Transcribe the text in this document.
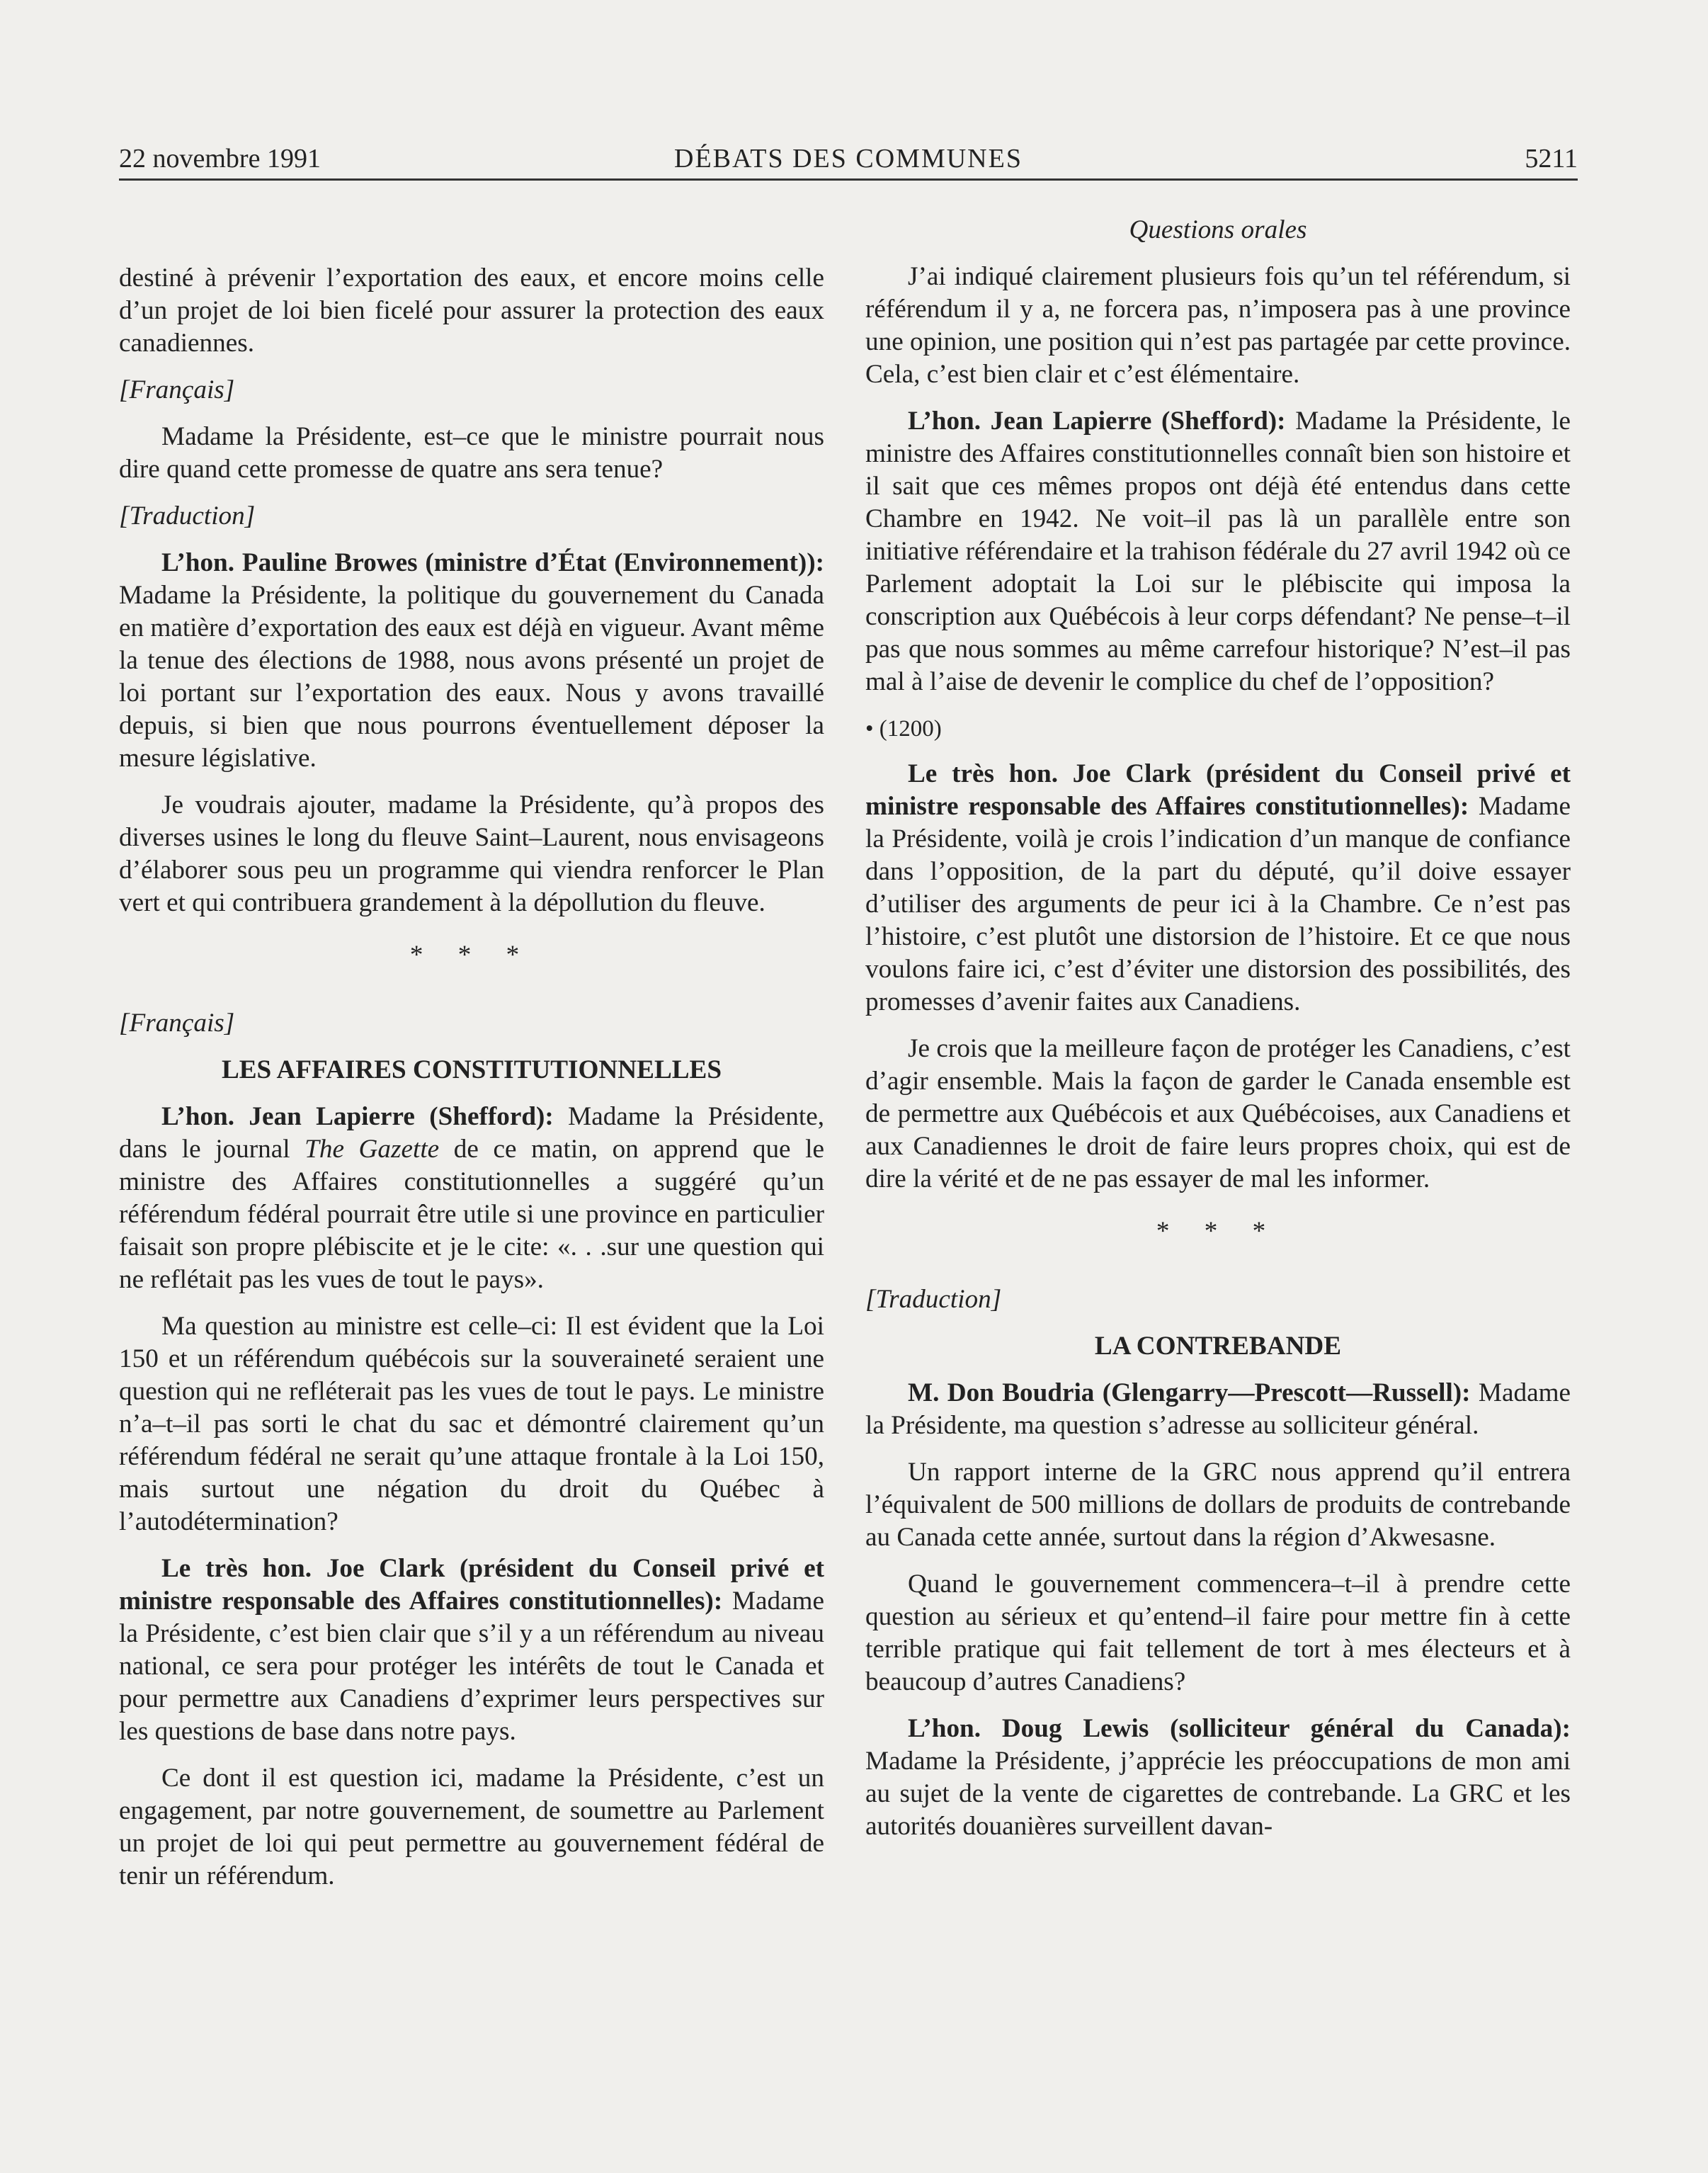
22 novembre 1991	DÉBATS DES COMMUNES	5211

destiné à prévenir l’exportation des eaux, et encore moins celle d’un projet de loi bien ficelé pour assurer la protection des eaux canadiennes.

[Français]

Madame la Présidente, est–ce que le ministre pourrait nous dire quand cette promesse de quatre ans sera tenue?

[Traduction]

L’hon. Pauline Browes (ministre d’État (Environnement)): Madame la Présidente, la politique du gouvernement du Canada en matière d’exportation des eaux est déjà en vigueur. Avant même la tenue des élections de 1988, nous avons présenté un projet de loi portant sur l’exportation des eaux. Nous y avons travaillé depuis, si bien que nous pourrons éventuellement déposer la mesure législative.

Je voudrais ajouter, madame la Présidente, qu’à propos des diverses usines le long du fleuve Saint–Laurent, nous envisageons d’élaborer sous peu un programme qui viendra renforcer le Plan vert et qui contribuera grandement à la dépollution du fleuve.

* * *

[Français]

LES AFFAIRES CONSTITUTIONNELLES

L’hon. Jean Lapierre (Shefford): Madame la Présidente, dans le journal The Gazette de ce matin, on apprend que le ministre des Affaires constitutionnelles a suggéré qu’un référendum fédéral pourrait être utile si une province en particulier faisait son propre plébiscite et je le cite: «. . .sur une question qui ne reflétait pas les vues de tout le pays».

Ma question au ministre est celle–ci: Il est évident que la Loi 150 et un référendum québécois sur la souveraineté seraient une question qui ne refléterait pas les vues de tout le pays. Le ministre n’a–t–il pas sorti le chat du sac et démontré clairement qu’un référendum fédéral ne serait qu’une attaque frontale à la Loi 150, mais surtout une négation du droit du Québec à l’autodétermination?

Le très hon. Joe Clark (président du Conseil privé et ministre responsable des Affaires constitutionnelles): Madame la Présidente, c’est bien clair que s’il y a un référendum au niveau national, ce sera pour protéger les intérêts de tout le Canada et pour permettre aux Canadiens d’exprimer leurs perspectives sur les questions de base dans notre pays.

Ce dont il est question ici, madame la Présidente, c’est un engagement, par notre gouvernement, de soumettre au Parlement un projet de loi qui peut permettre au gouvernement fédéral de tenir un référendum.

Questions orales

J’ai indiqué clairement plusieurs fois qu’un tel référendum, si référendum il y a, ne forcera pas, n’imposera pas à une province une opinion, une position qui n’est pas partagée par cette province. Cela, c’est bien clair et c’est élémentaire.

L’hon. Jean Lapierre (Shefford): Madame la Présidente, le ministre des Affaires constitutionnelles connaît bien son histoire et il sait que ces mêmes propos ont déjà été entendus dans cette Chambre en 1942. Ne voit–il pas là un parallèle entre son initiative référendaire et la trahison fédérale du 27 avril 1942 où ce Parlement adoptait la Loi sur le plébiscite qui imposa la conscription aux Québécois à leur corps défendant? Ne pense–t–il pas que nous sommes au même carrefour historique? N’est–il pas mal à l’aise de devenir le complice du chef de l’opposition?

• (1200)

Le très hon. Joe Clark (président du Conseil privé et ministre responsable des Affaires constitutionnelles): Madame la Présidente, voilà je crois l’indication d’un manque de confiance dans l’opposition, de la part du député, qu’il doive essayer d’utiliser des arguments de peur ici à la Chambre. Ce n’est pas l’histoire, c’est plutôt une distorsion de l’histoire. Et ce que nous voulons faire ici, c’est d’éviter une distorsion des possibilités, des promesses d’avenir faites aux Canadiens.

Je crois que la meilleure façon de protéger les Canadiens, c’est d’agir ensemble. Mais la façon de garder le Canada ensemble est de permettre aux Québécois et aux Québécoises, aux Canadiens et aux Canadiennes le droit de faire leurs propres choix, qui est de dire la vérité et de ne pas essayer de mal les informer.

* * *

[Traduction]

LA CONTREBANDE

M. Don Boudria (Glengarry—Prescott—Russell): Madame la Présidente, ma question s’adresse au solliciteur général.

Un rapport interne de la GRC nous apprend qu’il entrera l’équivalent de 500 millions de dollars de produits de contrebande au Canada cette année, surtout dans la région d’Akwesasne.

Quand le gouvernement commencera–t–il à prendre cette question au sérieux et qu’entend–il faire pour mettre fin à cette terrible pratique qui fait tellement de tort à mes électeurs et à beaucoup d’autres Canadiens?

L’hon. Doug Lewis (solliciteur général du Canada): Madame la Présidente, j’apprécie les préoccupations de mon ami au sujet de la vente de cigarettes de contrebande. La GRC et les autorités douanières surveillent davan-
